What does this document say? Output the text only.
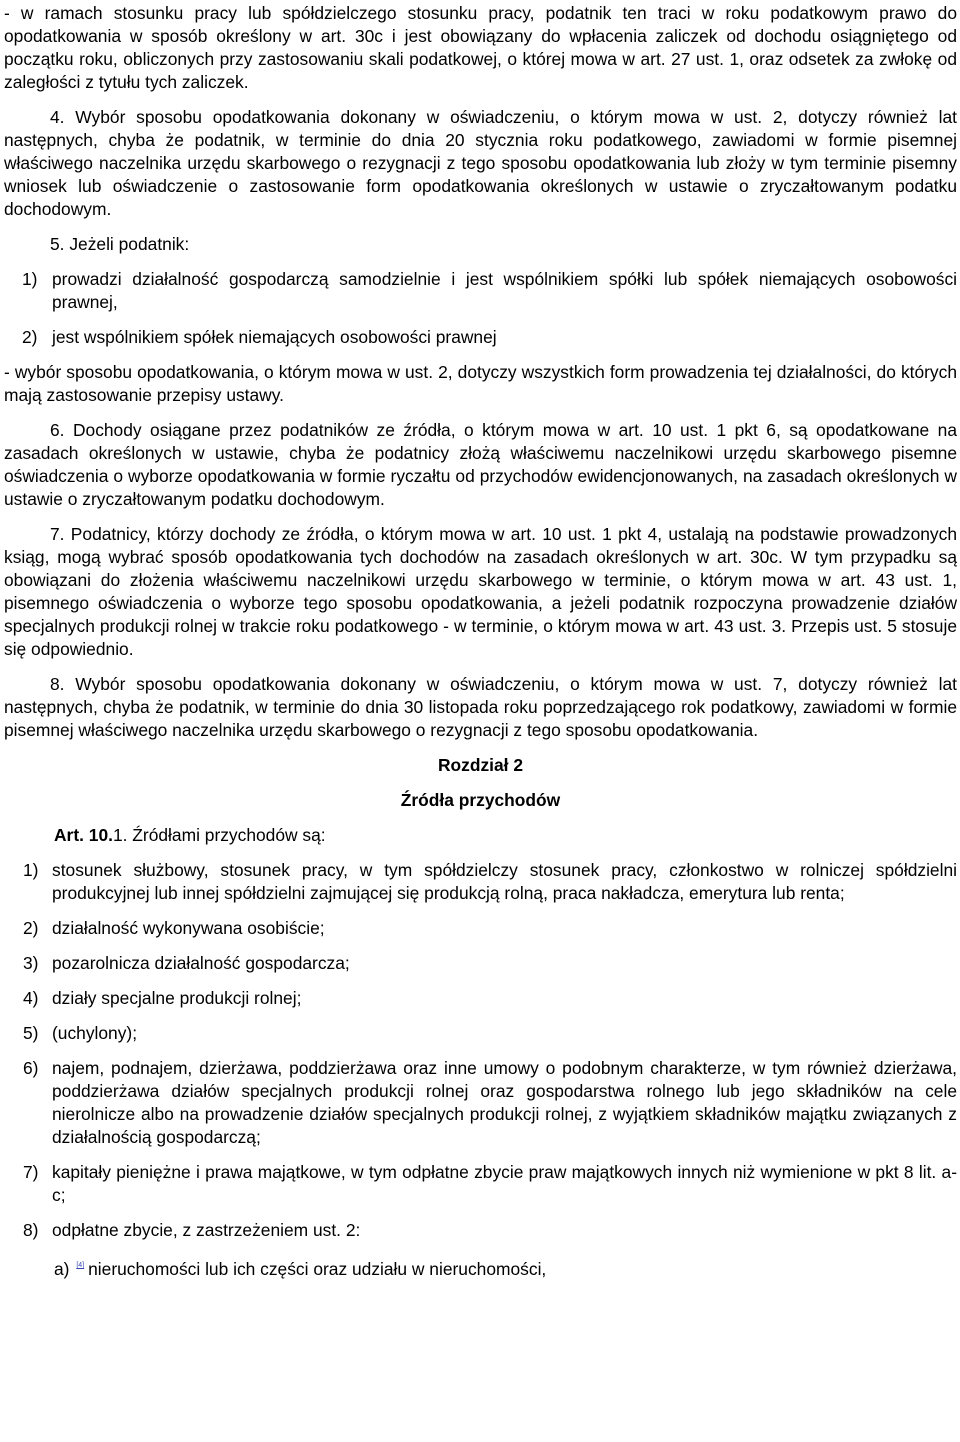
- w ramach stosunku pracy lub spółdzielczego stosunku pracy, podatnik ten traci w roku podatkowym prawo do opodatkowania w sposób określony w art. 30c i jest obowiązany do wpłacenia zaliczek od dochodu osiągniętego od początku roku, obliczonych przy zastosowaniu skali podatkowej, o której mowa w art. 27 ust. 1, oraz odsetek za zwłokę od zaległości z tytułu tych zaliczek.

4. Wybór sposobu opodatkowania dokonany w oświadczeniu, o którym mowa w ust. 2, dotyczy również lat następnych, chyba że podatnik, w terminie do dnia 20 stycznia roku podatkowego, zawiadomi w formie pisemnej właściwego naczelnika urzędu skarbowego o rezygnacji z tego sposobu opodatkowania lub złoży w tym terminie pisemny wniosek lub oświadczenie o zastosowanie form opodatkowania określonych w ustawie o zryczałtowanym podatku dochodowym.

5. Jeżeli podatnik:

1) prowadzi działalność gospodarczą samodzielnie i jest wspólnikiem spółki lub spółek niemających osobowości prawnej,
2) jest wspólnikiem spółek niemających osobowości prawnej

- wybór sposobu opodatkowania, o którym mowa w ust. 2, dotyczy wszystkich form prowadzenia tej działalności, do których mają zastosowanie przepisy ustawy.

6. Dochody osiągane przez podatników ze źródła, o którym mowa w art. 10 ust. 1 pkt 6, są opodatkowane na zasadach określonych w ustawie, chyba że podatnicy złożą właściwemu naczelnikowi urzędu skarbowego pisemne oświadczenia o wyborze opodatkowania w formie ryczałtu od przychodów ewidencjonowanych, na zasadach określonych w ustawie o zryczałtowanym podatku dochodowym.

7. Podatnicy, którzy dochody ze źródła, o którym mowa w art. 10 ust. 1 pkt 4, ustalają na podstawie prowadzonych ksiąg, mogą wybrać sposób opodatkowania tych dochodów na zasadach określonych w art. 30c. W tym przypadku są obowiązani do złożenia właściwemu naczelnikowi urzędu skarbowego w terminie, o którym mowa w art. 43 ust. 1, pisemnego oświadczenia o wyborze tego sposobu opodatkowania, a jeżeli podatnik rozpoczyna prowadzenie działów specjalnych produkcji rolnej w trakcie roku podatkowego - w terminie, o którym mowa w art. 43 ust. 3. Przepis ust. 5 stosuje się odpowiednio.

8. Wybór sposobu opodatkowania dokonany w oświadczeniu, o którym mowa w ust. 7, dotyczy również lat następnych, chyba że podatnik, w terminie do dnia 30 listopada roku poprzedzającego rok podatkowy, zawiadomi w formie pisemnej właściwego naczelnika urzędu skarbowego o rezygnacji z tego sposobu opodatkowania.

Rozdział 2

Źródła przychodów

Art. 10.1. Źródłami przychodów są:

1) stosunek służbowy, stosunek pracy, w tym spółdzielczy stosunek pracy, członkostwo w rolniczej spółdzielni produkcyjnej lub innej spółdzielni zajmującej się produkcją rolną, praca nakładcza, emerytura lub renta;
2) działalność wykonywana osobiście;
3) pozarolnicza działalność gospodarcza;
4) działy specjalne produkcji rolnej;
5) (uchylony);
6) najem, podnajem, dzierżawa, poddzierżawa oraz inne umowy o podobnym charakterze, w tym również dzierżawa, poddzierżawa działów specjalnych produkcji rolnej oraz gospodarstwa rolnego lub jego składników na cele nierolnicze albo na prowadzenie działów specjalnych produkcji rolnej, z wyjątkiem składników majątku związanych z działalnością gospodarczą;
7) kapitały pieniężne i prawa majątkowe, w tym odpłatne zbycie praw majątkowych innych niż wymienione w pkt 8 lit. a-c;
8) odpłatne zbycie, z zastrzeżeniem ust. 2:

a) [4] nieruchomości lub ich części oraz udziału w nieruchomości,
